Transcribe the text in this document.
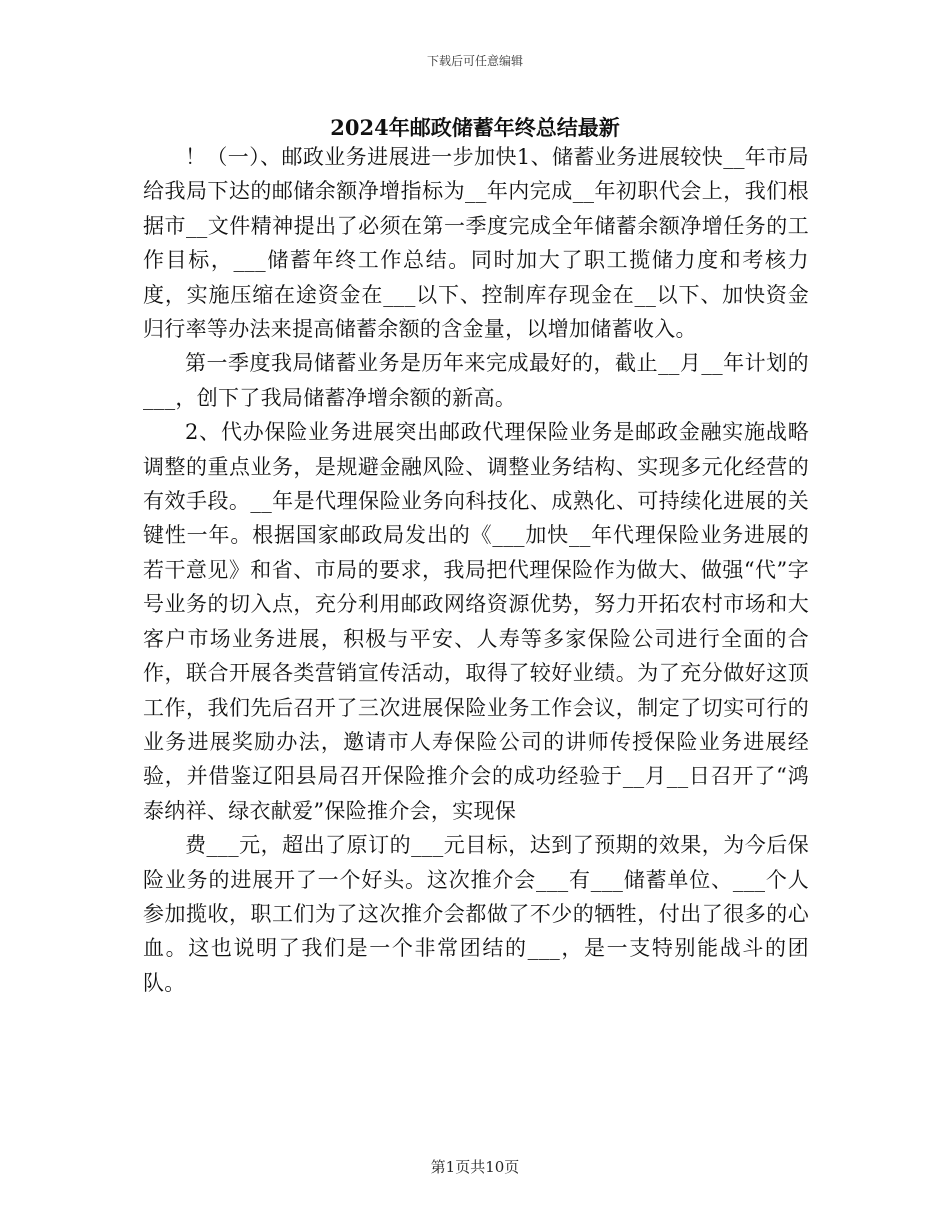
下载后可任意编辑
2024年邮政储蓄年终总结最新

！（一）、邮政业务进展进一步加快1、储蓄业务进展较快__年市局给我局下达的邮储余额净增指标为__年内完成__年初职代会上，我们根据市__文件精神提出了必须在第一季度完成全年储蓄余额净增任务的工作目标，___储蓄年终工作总结。同时加大了职工揽储力度和考核力度，实施压缩在途资金在___以下、控制库存现金在__以下、加快资金归行率等办法来提高储蓄余额的含金量，以增加储蓄收入。

第一季度我局储蓄业务是历年来完成最好的，截止__月__年计划的___，创下了我局储蓄净增余额的新高。

2、代办保险业务进展突出邮政代理保险业务是邮政金融实施战略调整的重点业务，是规避金融风险、调整业务结构、实现多元化经营的有效手段。__年是代理保险业务向科技化、成熟化、可持续化进展的关键性一年。根据国家邮政局发出的《___加快__年代理保险业务进展的若干意见》和省、市局的要求，我局把代理保险作为做大、做强“代”字号业务的切入点，充分利用邮政网络资源优势，努力开拓农村市场和大客户市场业务进展，积极与平安、人寿等多家保险公司进行全面的合作，联合开展各类营销宣传活动，取得了较好业绩。为了充分做好这顶工作，我们先后召开了三次进展保险业务工作会议，制定了切实可行的业务进展奖励办法，邀请市人寿保险公司的讲师传授保险业务进展经验，并借鉴辽阳县局召开保险推介会的成功经验于__月__日召开了“鸿泰纳祥、绿衣献爱”保险推介会，实现保

费___元，超出了原订的___元目标，达到了预期的效果，为今后保险业务的进展开了一个好头。这次推介会___有___储蓄单位、___个人参加揽收，职工们为了这次推介会都做了不少的牺牲，付出了很多的心血。这也说明了我们是一个非常团结的___，是一支特别能战斗的团队。

第1页共10页
